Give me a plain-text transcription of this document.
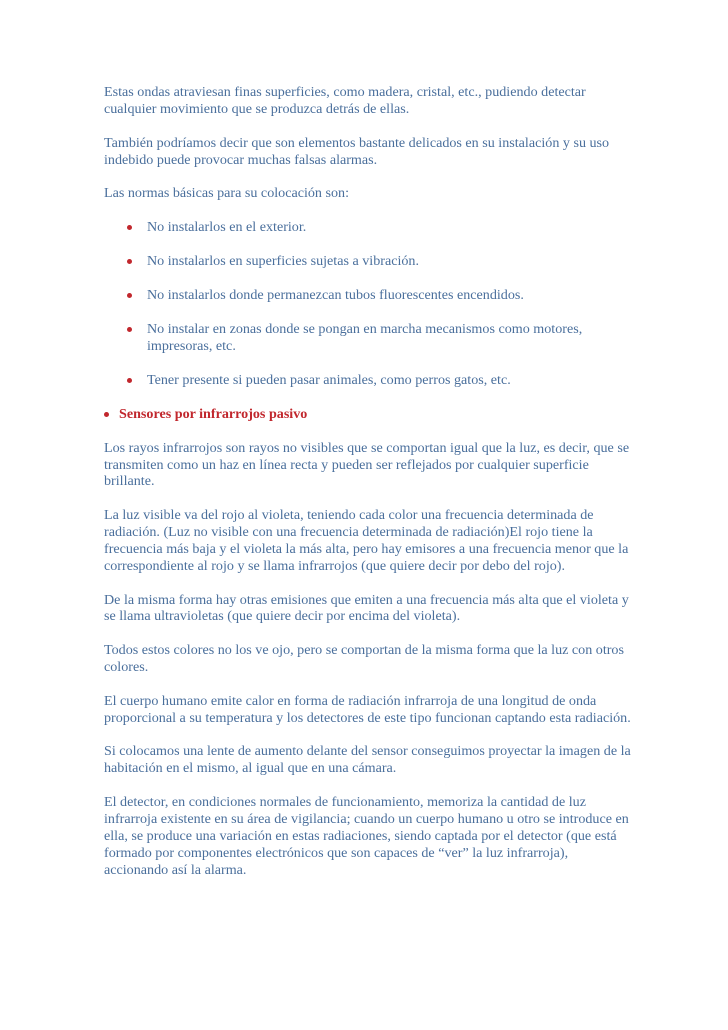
Estas ondas atraviesan finas superficies, como madera, cristal, etc., pudiendo detectar cualquier movimiento que se produzca detrás de ellas.

También podríamos decir que son elementos bastante delicados en su instalación y su uso indebido puede provocar muchas falsas alarmas.

Las normas básicas para su colocación son:

No instalarlos en el exterior.
No instalarlos en superficies sujetas a vibración.
No instalarlos donde permanezcan tubos fluorescentes encendidos.
No instalar en zonas donde se pongan en marcha mecanismos como motores, impresoras, etc.
Tener presente si pueden pasar animales, como perros gatos, etc.
Sensores por infrarrojos pasivo

Los rayos infrarrojos son rayos no visibles que se comportan igual que la luz, es decir, que se transmiten como un haz en línea recta y pueden ser reflejados por cualquier superficie brillante.

La luz visible va del rojo al violeta, teniendo cada color una frecuencia determinada de radiación. (Luz no visible con una frecuencia determinada de radiación)El rojo tiene la frecuencia más baja y el violeta la más alta, pero hay emisores a una frecuencia menor que la correspondiente al rojo y se llama infrarrojos (que quiere decir por debo del rojo).

De la misma forma hay otras emisiones que emiten a una frecuencia más alta que el violeta y se llama ultravioletas (que quiere decir por encima del violeta).

Todos estos colores no los ve ojo, pero se comportan de la misma forma que la luz con otros colores.

El cuerpo humano emite calor en forma de radiación infrarroja de una longitud de onda proporcional a su temperatura y los detectores de este tipo funcionan captando esta radiación.

Si colocamos una lente de aumento delante del sensor conseguimos proyectar la imagen de la habitación en el mismo, al igual que en una cámara.

El detector, en condiciones normales de funcionamiento, memoriza la cantidad de luz infrarroja existente en su área de vigilancia; cuando un cuerpo humano u otro se introduce en ella, se produce una variación en estas radiaciones, siendo captada por el detector (que está formado por componentes electrónicos que son capaces de “ver” la luz infrarroja), accionando así la alarma.
